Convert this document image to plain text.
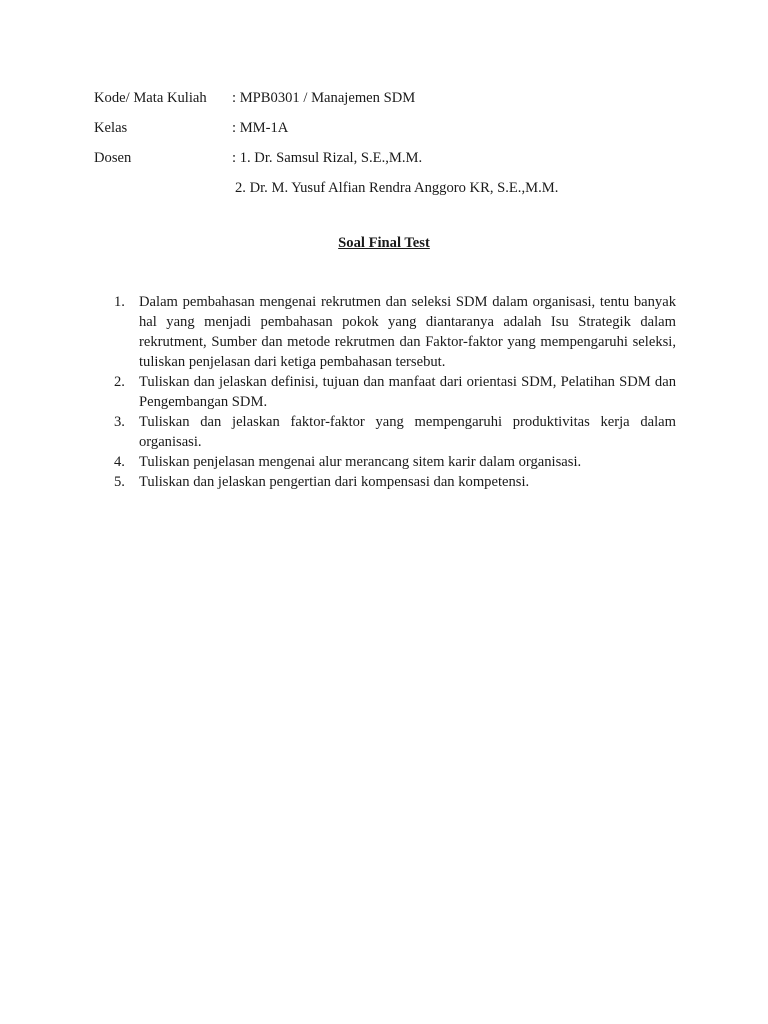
Kode/ Mata Kuliah : MPB0301 / Manajemen SDM
Kelas	: MM-1A
Dosen	: 1. Dr. Samsul Rizal, S.E.,M.M.
2. Dr. M. Yusuf Alfian Rendra Anggoro KR, S.E.,M.M.
Soal Final Test
1. Dalam pembahasan mengenai rekrutmen dan seleksi SDM dalam organisasi, tentu banyak hal yang menjadi pembahasan pokok yang diantaranya adalah Isu Strategik dalam rekrutment, Sumber dan metode rekrutmen dan Faktor-faktor yang mempengaruhi seleksi, tuliskan penjelasan dari ketiga pembahasan tersebut.
2. Tuliskan dan jelaskan definisi, tujuan dan manfaat dari orientasi SDM, Pelatihan SDM dan Pengembangan SDM.
3. Tuliskan dan jelaskan faktor-faktor yang mempengaruhi produktivitas kerja dalam organisasi.
4. Tuliskan penjelasan mengenai alur merancang sitem karir dalam organisasi.
5. Tuliskan dan jelaskan pengertian dari kompensasi dan kompetensi.
